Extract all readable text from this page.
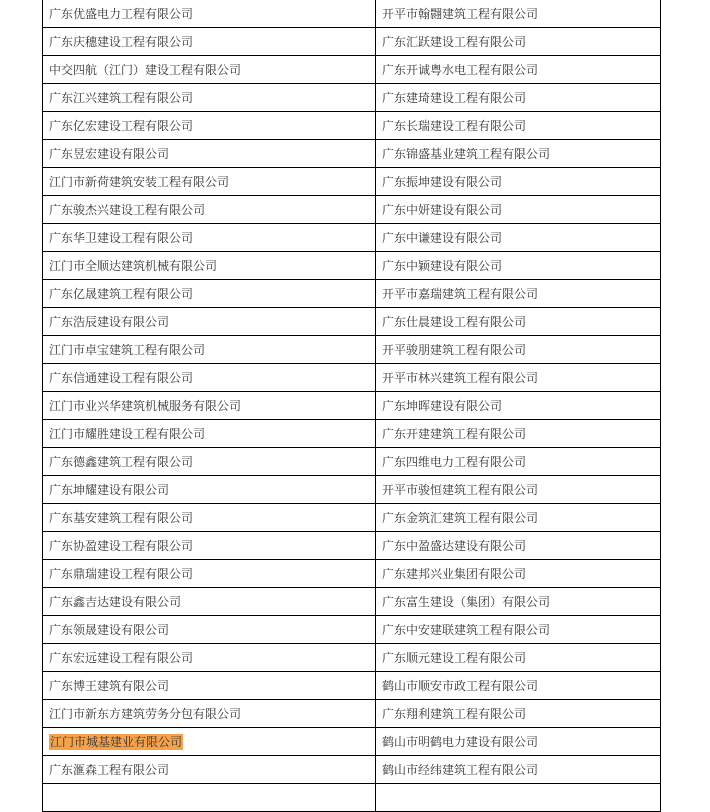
广东优盛电力工程有限公司	开平市翰翾建筑工程有限公司
广东庆穗建设工程有限公司	广东汇跃建设工程有限公司
中交四航（江门）建设工程有限公司	广东开诚粤水电工程有限公司
广东江兴建筑工程有限公司	广东建琦建设工程有限公司
广东亿宏建设工程有限公司	广东长瑞建设工程有限公司
广东昱宏建设有限公司	广东锦盛基业建筑工程有限公司
江门市新荷建筑安装工程有限公司	广东振坤建设有限公司
广东骏杰兴建设工程有限公司	广东中妍建设有限公司
广东华卫建设工程有限公司	广东中谦建设有限公司
江门市全顺达建筑机械有限公司	广东中颖建设有限公司
广东亿晟建筑工程有限公司	开平市嘉瑞建筑工程有限公司
广东浩辰建设有限公司	广东仕晨建设工程有限公司
江门市卓宝建筑工程有限公司	开平骏朋建筑工程有限公司
广东信通建设工程有限公司	开平市林兴建筑工程有限公司
江门市业兴华建筑机械服务有限公司	广东坤晖建设有限公司
江门市耀胜建设工程有限公司	广东开建建筑工程有限公司
广东德鑫建筑工程有限公司	广东四维电力工程有限公司
广东坤耀建设有限公司	开平市骏恒建筑工程有限公司
广东基安建筑工程有限公司	广东金筑汇建筑工程有限公司
广东协盈建设工程有限公司	广东中盈盛达建设有限公司
广东鼎瑞建设工程有限公司	广东建邦兴业集团有限公司
广东鑫吉达建设有限公司	广东富生建设（集团）有限公司
广东领晟建设有限公司	广东中安建联建筑工程有限公司
广东宏远建设工程有限公司	广东顺元建设工程有限公司
广东博王建筑有限公司	鹤山市顺安市政工程有限公司
江门市新东方建筑劳务分包有限公司	广东翔利建筑工程有限公司
江门市城基建业有限公司	鹤山市明鹤电力建设有限公司
广东滙森工程有限公司	鹤山市经纬建筑工程有限公司
